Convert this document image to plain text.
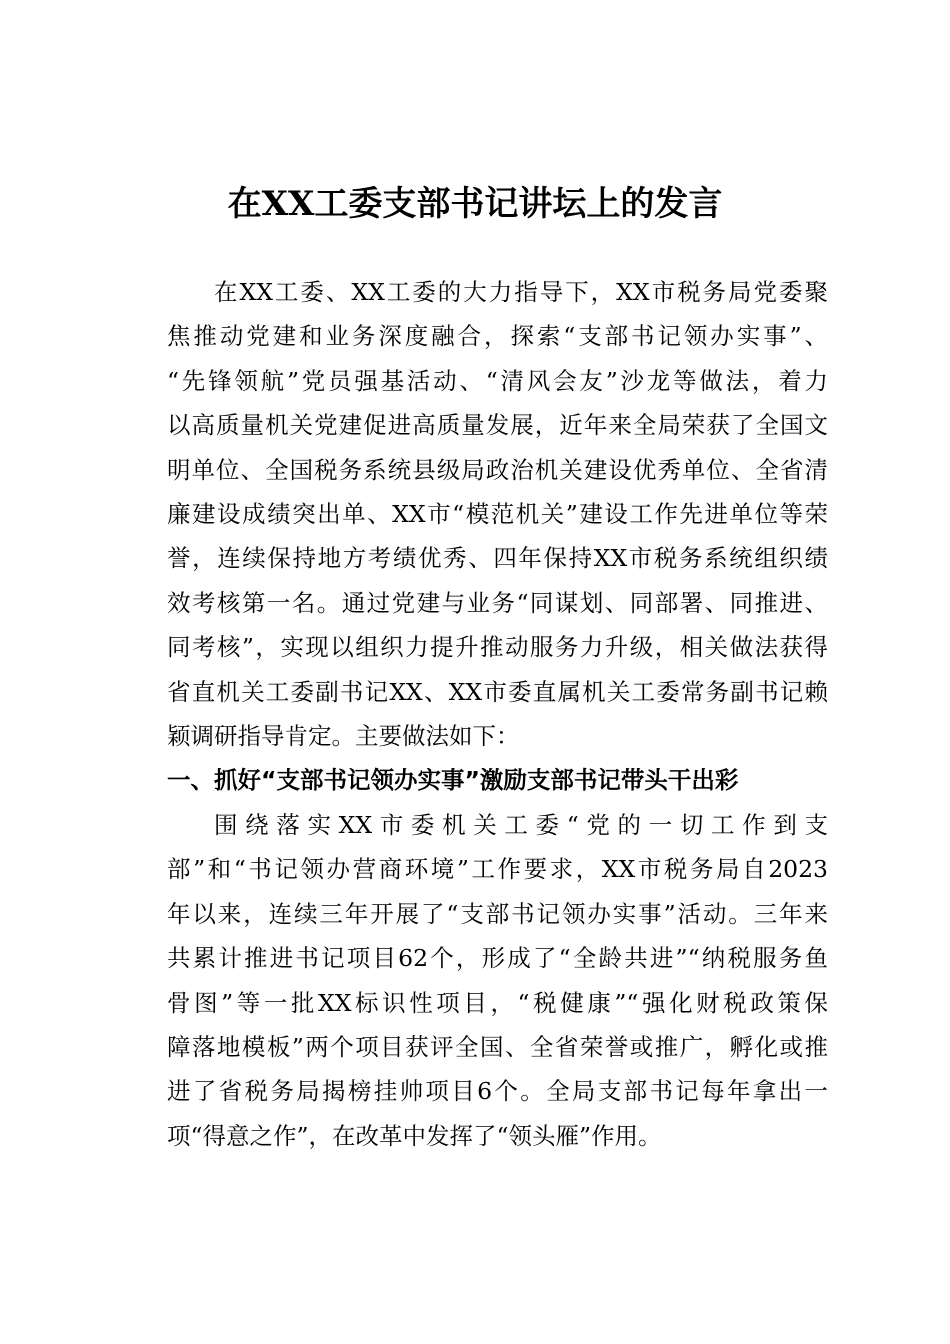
在XX工委支部书记讲坛上的发言
在XX工委、XX工委的大力指导下，XX市税务局党委聚
焦推动党建和业务深度融合，探索“支部书记领办实事”、
“先锋领航”党员强基活动、“清风会友”沙龙等做法，着力
以高质量机关党建促进高质量发展，近年来全局荣获了全国文
明单位、全国税务系统县级局政治机关建设优秀单位、全省清
廉建设成绩突出单、XX市“模范机关”建设工作先进单位等荣
誉，连续保持地方考绩优秀、四年保持XX市税务系统组织绩
效考核第一名。通过党建与业务“同谋划、同部署、同推进、
同考核”，实现以组织力提升推动服务力升级，相关做法获得
省直机关工委副书记XX、XX市委直属机关工委常务副书记赖
颖调研指导肯定。主要做法如下：
一、抓好“支部书记领办实事”激励支部书记带头干出彩
围绕落实XX市委机关工委“党的一切工作到支
部”和“书记领办营商环境”工作要求，XX市税务局自2023
年以来，连续三年开展了“支部书记领办实事”活动。三年来
共累计推进书记项目62个，形成了“全龄共进”“纳税服务鱼
骨图”等一批XX标识性项目，“税健康”“强化财税政策保
障落地模板”两个项目获评全国、全省荣誉或推广，孵化或推
进了省税务局揭榜挂帅项目6个。全局支部书记每年拿出一
项“得意之作”，在改革中发挥了“领头雁”作用。
